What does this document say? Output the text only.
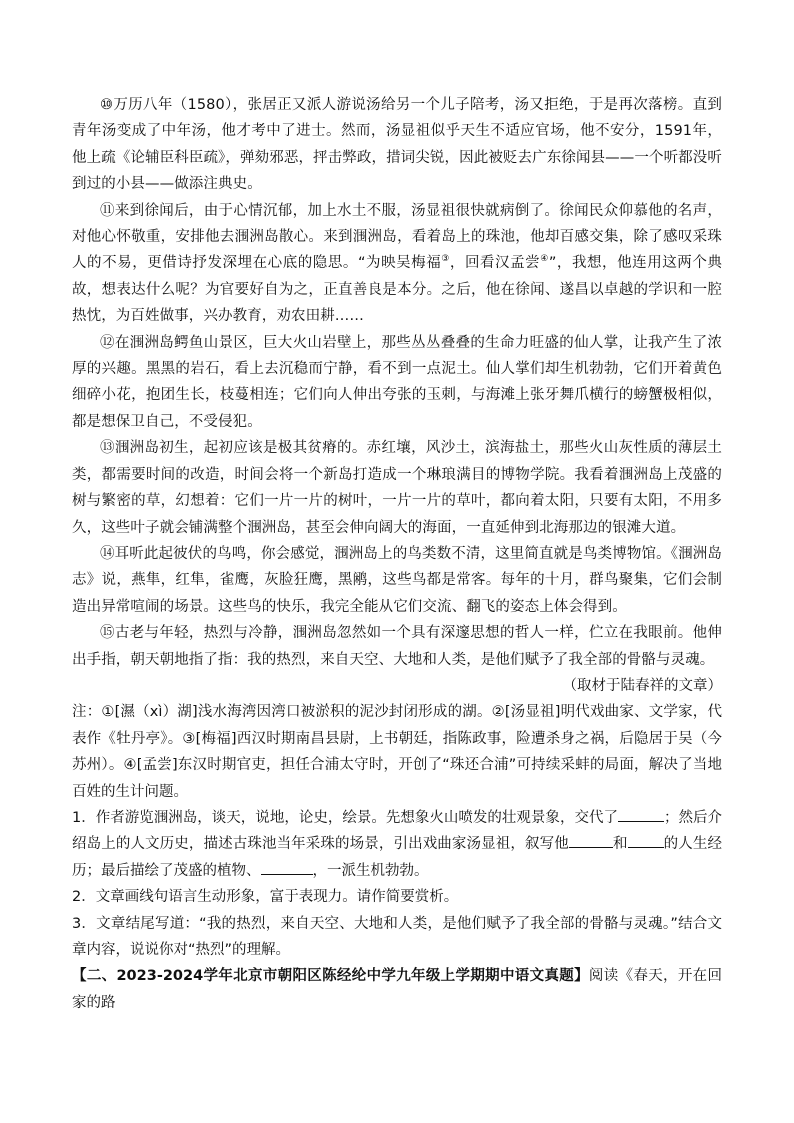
⑩万历八年（1580），张居正又派人游说汤给另一个儿子陪考，汤又拒绝，于是再次落榜。直到青年汤变成了中年汤，他才考中了进士。然而，汤显祖似乎天生不适应官场，他不安分，1591年，他上疏《论辅臣科臣疏》，弹劾邪恶，抨击弊政，措词尖锐，因此被贬去广东徐闻县——一个听都没听到过的小县——做添注典史。

⑪来到徐闻后，由于心情沉郁，加上水土不服，汤显祖很快就病倒了。徐闻民众仰慕他的名声，对他心怀敬重，安排他去涠洲岛散心。来到涠洲岛，看着岛上的珠池，他却百感交集，除了感叹采珠人的不易，更借诗抒发深埋在心底的隐思。“为映吴梅福③，回看汉孟尝④”，我想，他连用这两个典故，想表达什么呢？为官要好自为之，正直善良是本分。之后，他在徐闻、遂昌以卓越的学识和一腔热忱，为百姓做事，兴办教育，劝农田耕……

⑫在涠洲岛鳄鱼山景区，巨大火山岩壁上，那些丛丛叠叠的生命力旺盛的仙人掌，让我产生了浓厚的兴趣。黑黑的岩石，看上去沉稳而宁静，看不到一点泥土。仙人掌们却生机勃勃，它们开着黄色细碎小花，抱团生长，枝蔓相连；它们向人伸出夸张的玉刺，与海滩上张牙舞爪横行的螃蟹极相似，都是想保卫自己，不受侵犯。

⑬涠洲岛初生，起初应该是极其贫瘠的。赤红壤，风沙土，滨海盐土，那些火山灰性质的薄层土类，都需要时间的改造，时间会将一个新岛打造成一个琳琅满目的博物学院。我看着涠洲岛上茂盛的树与繁密的草，幻想着：它们一片一片的树叶，一片一片的草叶，都向着太阳，只要有太阳，不用多久，这些叶子就会铺满整个涠洲岛，甚至会伸向阔大的海面，一直延伸到北海那边的银滩大道。

⑭耳听此起彼伏的鸟鸣，你会感觉，涠洲岛上的鸟类数不清，这里简直就是鸟类博物馆。《涠洲岛志》说，燕隼，红隼，雀鹰，灰脸狂鹰，黑鹇，这些鸟都是常客。每年的十月，群鸟聚集，它们会制造出异常喧闹的场景。这些鸟的快乐，我完全能从它们交流、翻飞的姿态上体会得到。

⑮古老与年轻，热烈与冷静，涠洲岛忽然如一个具有深邃思想的哲人一样，伫立在我眼前。他伸出手指，朝天朝地指了指：我的热烈，来自天空、大地和人类，是他们赋予了我全部的骨骼与灵魂。

（取材于陆春祥的文章）

注：①[濕（xì）湖]浅水海湾因湾口被淤积的泥沙封闭形成的湖。②[汤显祖]明代戏曲家、文学家，代表作《牡丹亭》。③[梅福]西汉时期南昌县尉，上书朝廷，指陈政事，险遭杀身之祸，后隐居于吴（今苏州）。④[孟尝]东汉时期官吏，担任合浦太守时，开创了“珠还合浦”可持续采蚌的局面，解决了当地百姓的生计问题。

1．作者游览涠洲岛，谈天，说地，论史，绘景。先想象火山喷发的壮观景象，交代了	；然后介绍岛上的人文历史，描述古珠池当年采珠的场景，引出戏曲家汤显祖，叙写他	和 的人生经历；最后描绘了茂盛的植物、	，一派生机勃勃。

2．文章画线句语言生动形象，富于表现力。请作简要赏析。

3．文章结尾写道：“我的热烈，来自天空、大地和人类，是他们赋予了我全部的骨骼与灵魂。”结合文章内容，说说你对“热烈”的理解。

【二、2023-2024学年北京市朝阳区陈经纶中学九年级上学期期中语文真题】阅读《春天，开在回家的路
